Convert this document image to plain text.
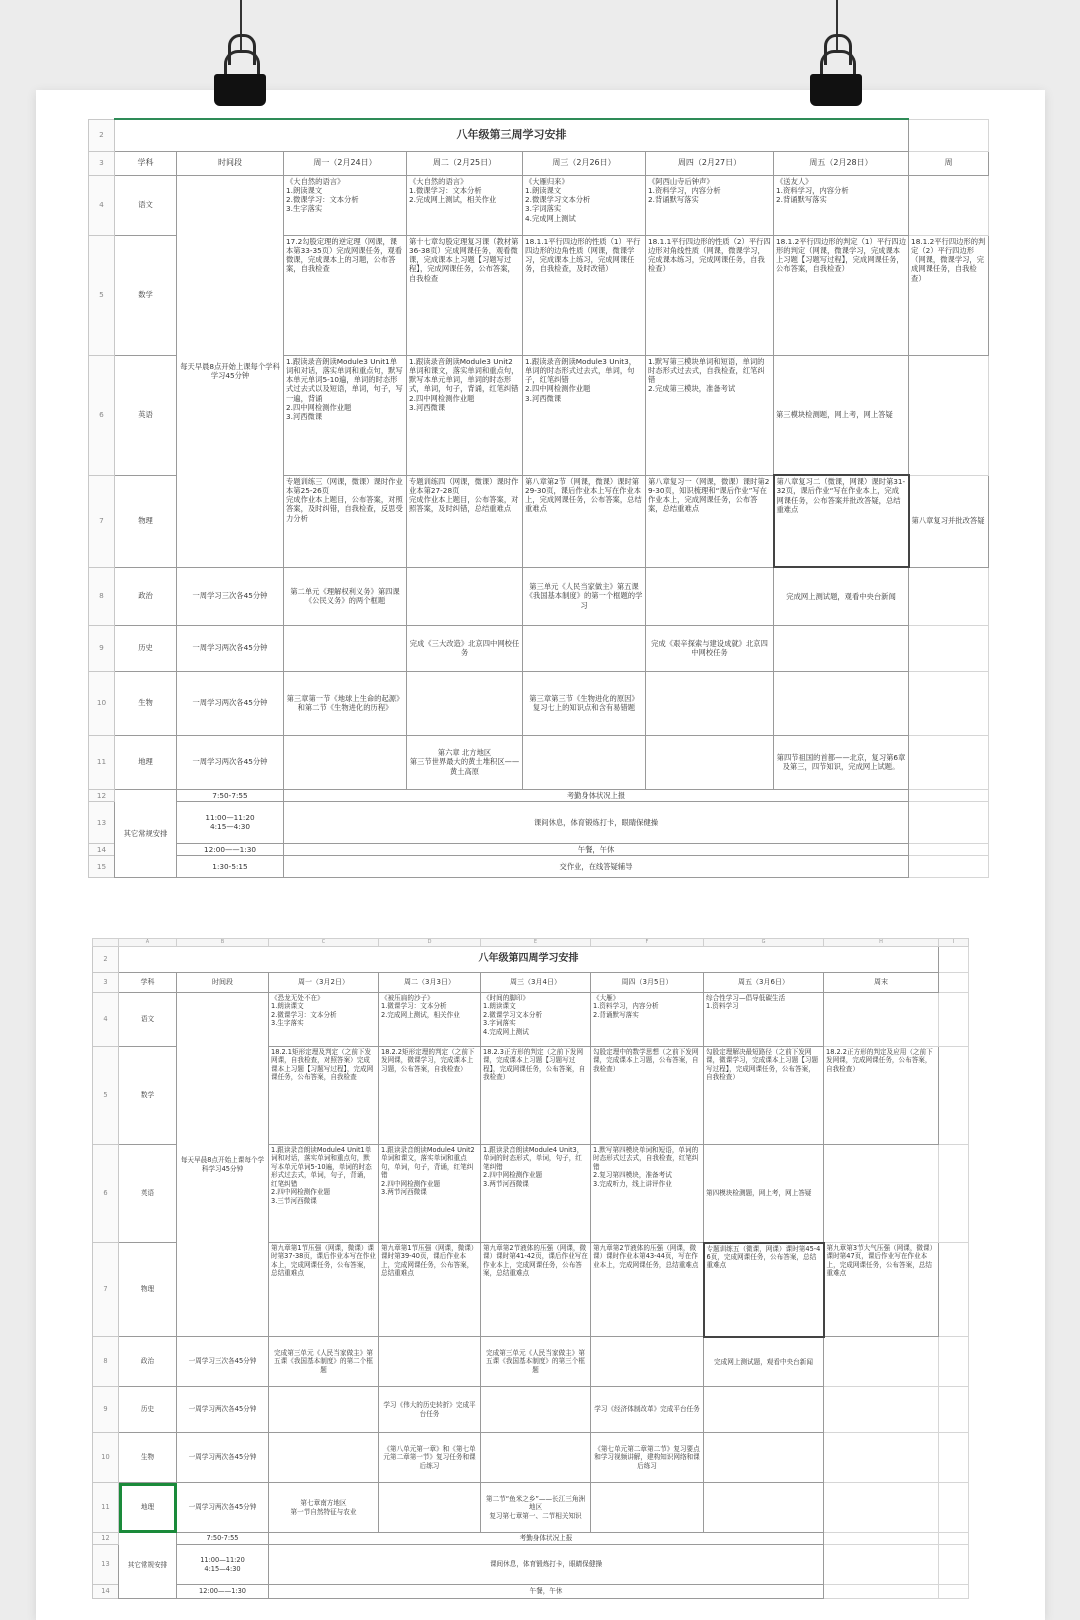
2	八年级第三周学习安排							
3	学科	时间段	周一（2月24日）	周二（2月25日）	周三（2月26日）	周四（2月27日）	周五（2月28日）	周
4	语文	每天早晨8点开始上课每个学科学习45分钟	《大自然的语言》
1.朗读课文
2.微课学习：文本分析
3.生字落实	《大自然的语言》
1.微课学习：文本分析
2.完成网上测试，相关作业	《大雁归来》
1.朗读课文
2.微课学习文本分析
3.字词落实
4.完成网上测试	《阿西山寺后钟声》
1.资料学习，内容分析
2.背诵默写落实	《送友人》
1.资料学习，内容分析
2.背诵默写落实	
5	数学		17.2勾股定理的逆定理（网课，课本第33-35页）完成网课任务，观看微课，完成课本上的习题，公布答案，自我检查	第十七章勾股定理复习课（教材第36-38页）完成网课任务，观看微课，完成课本上习题【习题写过程】，完成网课任务，公布答案，自我检查	18.1.1平行四边形的性质（1）平行四边形的边角性质（网课，微课学习，完成课本上练习，完成网课任务，自我检查，及时改错）	18.1.1平行四边形的性质（2）平行四边形对角线性质（网课，微课学习，完成课本练习，完成网课任务，自我检查）	18.1.2平行四边形的判定（1）平行四边形的判定（网课，微课学习，完成课本上习题【习题写过程】，完成网课任务，公布答案，自我检查）	18.1.2平行四边形的判定（2）平行四边形（网课，微课学习，完成网课任务，自我检查）
6	英语		1.跟读录音朗读Module3 Unit1单词和对话，落实单词和重点句，默写本单元单词5-10遍，单词的时态形式过去式以及短语，单词，句子，写一遍，背诵
2.四中网检测作业题
3.河西微课	1.跟读录音朗读Module3 Unit2单词和课文，落实单词和重点句，默写本单元单词，单词的时态形式，单词，句子，背诵，红笔纠错
2.四中网检测作业题
3.河西微课	1.跟读录音朗读Module3 Unit3，单词的时态形式过去式，单词，句子，红笔纠错
2.四中网检测作业题
3.河西微课	1.默写第三模块单词和短语，单词的时态形式过去式，自我检查，红笔纠错
2.完成第三模块，准备考试	第三模块检测题，网上考，网上答疑	
7	物理		专题训练三（网课，微课）课时作业本第25-26页
完成作业本上题目，公布答案，对照答案，及时纠错，自我检查，反思受力分析	专题训练四（网课，微课）课时作业本第27-28页
完成作业本上题目，公布答案，对照答案，及时纠错，总结重难点	第八章第2节（网课，微课）课时第29-30页，课后作业本上写在作业本上，完成网课任务，公布答案，总结重难点	第八章复习一（网课，微课）课时第29-30页，知识梳理和“课后作业”写在作业本上，完成网课任务，公布答案，总结重难点	第八章复习二（微课，网课）课时第31-32页，课后作业“写在作业本上，完成网课任务，公布答案并批改答疑，总结重难点	第八章复习并批改答疑
8	政治	一周学习三次各45分钟	第二单元《理解权利义务》第四课《公民义务》的两个框题		第三单元《人民当家做主》第五课《我国基本制度》的第一个框题的学习		完成网上测试题，观看中央台新闻	
9	历史	一周学习两次各45分钟		完成《三大改造》北京四中网校任务		完成《艰辛探索与建设成就》北京四中网校任务		
10	生物	一周学习两次各45分钟	第三章第一节《地球上生命的起源》和第二节《生物进化的历程》		第三章第三节《生物进化的原因》
复习七上的知识点和含有易错题			
11	地理	一周学习两次各45分钟		第六章 北方地区
第三节世界最大的黄土堆积区——黄土高原			第四节祖国的首都——北京，复习第6章及第三，四节知识，完成网上试题。	
12	其它常规安排	7:50-7:55	考勤身体状况上报					
13		11:00—11:20
4:15—4:30	课间休息，体育锻炼打卡，眼睛保健操					
14		12:00——1:30	午餐，午休					
15		1:30-5:15	交作业，在线答疑辅导					
	A	B	C	D	E	F	G	H	I
2	八年级第四周学习安排								
3	学科	时间段	周一（3月2日）	周二（3月3日）	周三（3月4日）	周四（3月5日）	周五（3月6日）	周末	
4	语文	每天早晨8点开始上课每个学科学习45分钟	《恐龙无处不在》
1.朗读课文
2.微课学习：文本分析
3.生字落实	《被压扁的沙子》
1.微课学习：文本分析
2.完成网上测试，相关作业	《时间的脚印》
1.朗读课文
2.微课学习文本分析
3.字词落实
4.完成网上测试	《大雁》
1.资料学习，内容分析
2.背诵默写落实	综合性学习—倡导低碳生活
1.资料学习		
5	数学		18.2.1矩形定理及判定（之前下发网课，自我检查，对照答案）完成课本上习题【习题写过程】，完成网课任务，公布答案，自我检查	18.2.2矩形定理的判定（之前下发网课，微课学习，完成课本上习题，公布答案，自我检查）	18.2.3正方形的判定（之前下发网课，完成课本上习题【习题写过程】，完成网课任务，公布答案，自我检查）	勾股定理中的数学思想（之前下发网课，完成课本上习题，公布答案，自我检查）	勾股定理解决最短路径（之前下发网课，微课学习，完成课本上习题【习题写过程】，完成网课任务，公布答案，自我检查）	18.2.2正方形的判定及应用（之前下发网课，完成网课任务，公布答案，自我检查）	
6	英语		1.跟读录音朗读Module4 Unit1单词和对话，落实单词和重点句，默写本单元单词5-10遍，单词的时态形式过去式，单词，句子，背诵，红笔纠错
2.四中网检测作业题
3.三节河西微课	1.跟读录音朗读Module4 Unit2单词和课文，落实单词和重点句，单词，句子，背诵，红笔纠错
2.四中网检测作业题
3.两节河西微课	1.跟读录音朗读Module4 Unit3，单词的时态形式，单词，句子，红笔纠错
2.四中网检测作业题
3.两节河西微课	1.默写第四模块单词和短语，单词的时态形式过去式，自我检查，红笔纠错
2.复习第四模块，准备考试
3.完成听力，线上讲评作业	第四模块检测题，网上考，网上答疑		
7	物理		第九章第1节压强（网课，微课）课时第37-38页，课后作业本写在作业本上，完成网课任务，公布答案，总结重难点	第九章第1节压强（网课，微课）课时第39-40页，课后作业本上，完成网课任务，公布答案，总结重难点	第九章第2节液体的压强（网课，微课）课时第41-42页，课后作业写在作业本上，完成网课任务，公布答案，总结重难点	第九章第2节液体的压强（网课，微课）课时作业本第43-44页，写在作业本上，完成网课任务，总结重难点	专题训练五（微课，网课）课时第45-46页，完成网课任务，公布答案，总结重难点	第九章第3节大气压强（网课，微课）课时第47页，课后作业写在作业本上，完成网课任务，公布答案，总结重难点	
8	政治	一周学习三次各45分钟	完成第三单元《人民当家做主》第五课《我国基本制度》的第二个框题		完成第三单元《人民当家做主》第五课《我国基本制度》的第三个框题		完成网上测试题，观看中央台新闻		
9	历史	一周学习两次各45分钟		学习《伟大的历史转折》完成平台任务		学习《经济体制改革》完成平台任务			
10	生物	一周学习两次各45分钟		《第八单元第一章》和《第七单元第二章第一节》复习任务和课后练习		《第七单元第二章第二节》复习要点和学习视频讲解，建构知识网络和课后练习			
11	地理	一周学习两次各45分钟	第七章南方地区
第一节自然特征与农业		第二节“鱼米之乡”——长江三角洲地区
复习第七章第一、二节相关知识				
12	其它常规安排	7:50-7:55	考勤身体状况上报						
13		11:00—11:20
4:15—4:30	课间休息，体育锻炼打卡，眼睛保健操						
14		12:00——1:30	午餐，午休						
